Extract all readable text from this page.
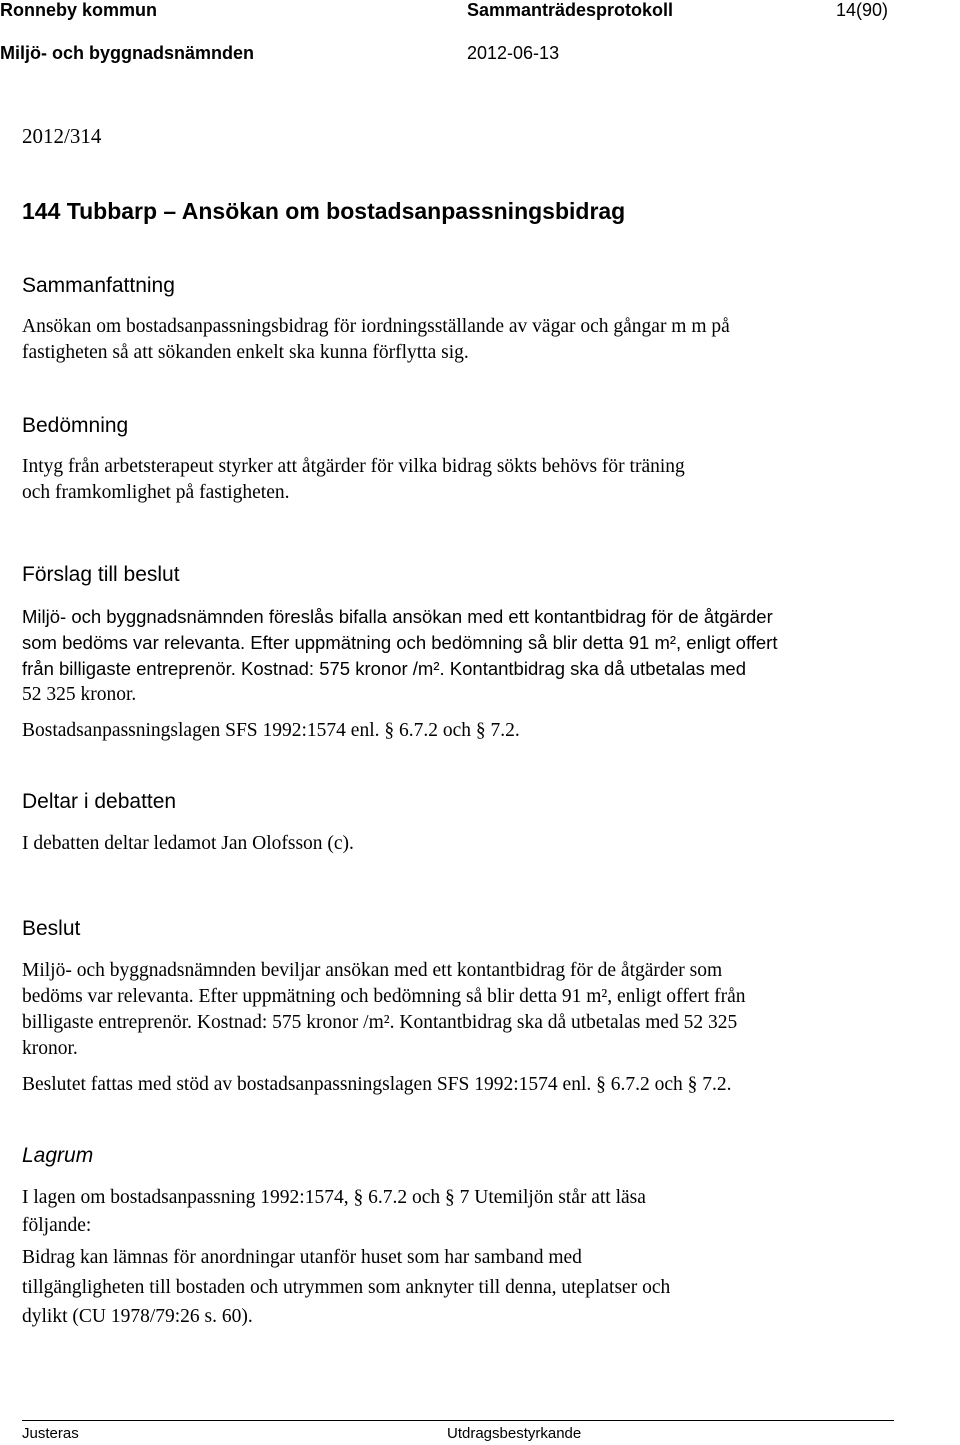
Ronneby kommun	Sammanträdesprotokoll	14(90)
Miljö- och byggnadsnämnden	2012-06-13
2012/314
144 Tubbarp – Ansökan om bostadsanpassningsbidrag
Sammanfattning
Ansökan om bostadsanpassningsbidrag för iordningsställande av vägar och gångar m m på
fastigheten så att sökanden enkelt ska kunna förflytta sig.
Bedömning
Intyg från arbetsterapeut styrker att åtgärder för vilka bidrag sökts behövs för träning
och framkomlighet på fastigheten.
Förslag till beslut
Miljö- och byggnadsnämnden föreslås bifalla ansökan med ett kontantbidrag för de åtgärder
som bedöms var relevanta. Efter uppmätning och bedömning så blir detta 91 m², enligt offert
från billigaste entreprenör. Kostnad: 575 kronor /m². Kontantbidrag ska då utbetalas med
52 325 kronor.
Bostadsanpassningslagen SFS 1992:1574 enl. § 6.7.2 och § 7.2.
Deltar i debatten
I debatten deltar ledamot Jan Olofsson (c).
Beslut
Miljö- och byggnadsnämnden beviljar ansökan med ett kontantbidrag för de åtgärder som
bedöms var relevanta. Efter uppmätning och bedömning så blir detta 91 m², enligt offert från
billigaste entreprenör. Kostnad: 575 kronor /m². Kontantbidrag ska då utbetalas med 52 325
kronor.
Beslutet fattas med stöd av bostadsanpassningslagen SFS 1992:1574 enl. § 6.7.2 och § 7.2.
Lagrum
I lagen om bostadsanpassning 1992:1574, § 6.7.2 och § 7 Utemiljön står att läsa
följande:
Bidrag kan lämnas för anordningar utanför huset som har samband med
tillgängligheten till bostaden och utrymmen som anknyter till denna, uteplatser och
dylikt (CU 1978/79:26 s. 60).
Justeras	Utdragsbestyrkande
